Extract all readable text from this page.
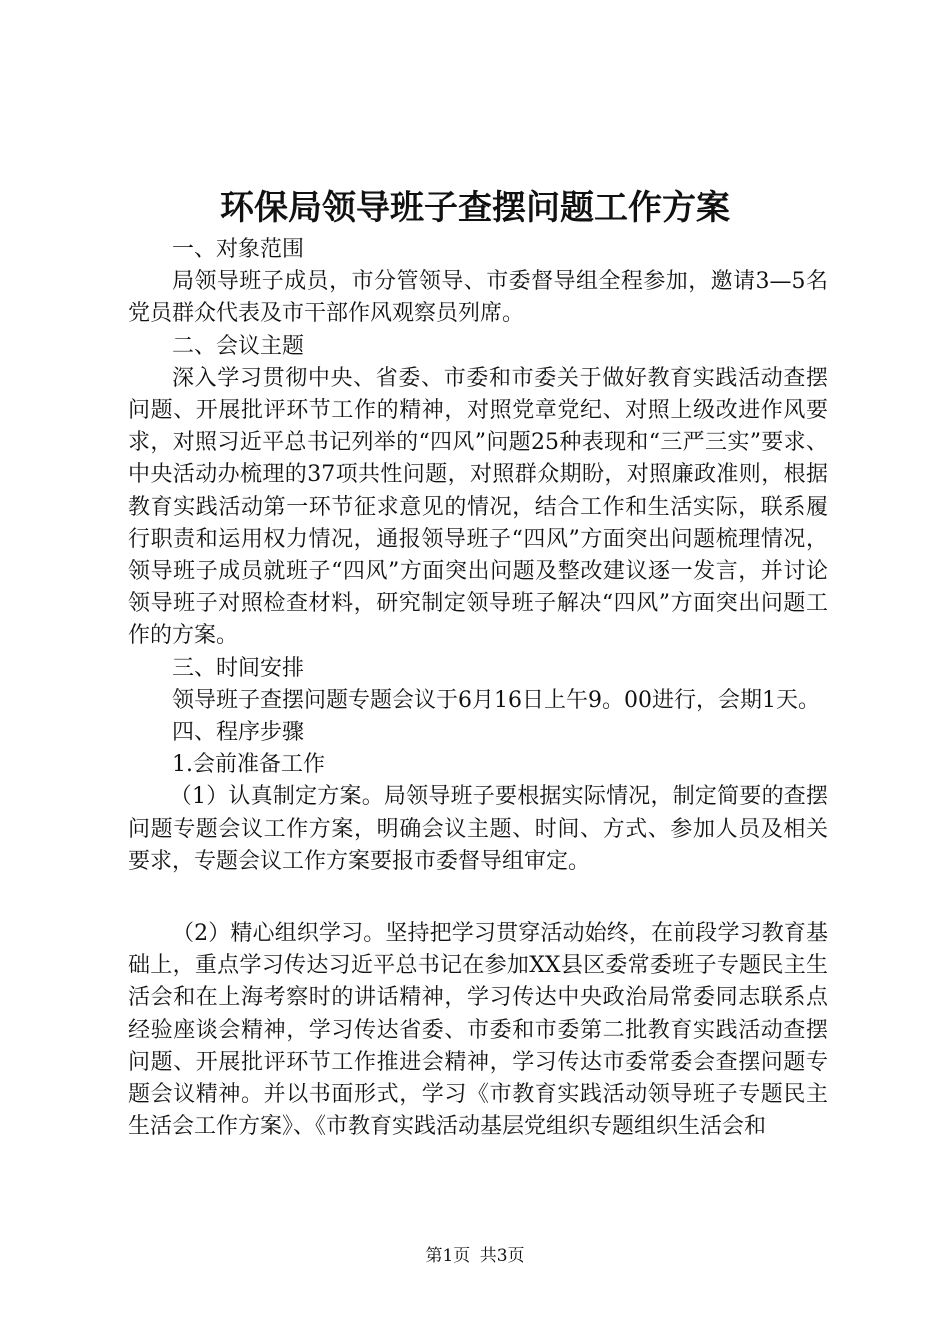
环保局领导班子查摆问题工作方案

一、对象范围

局领导班子成员，市分管领导、市委督导组全程参加，邀请3—5名党员群众代表及市干部作风观察员列席。

二、会议主题

深入学习贯彻中央、省委、市委和市委关于做好教育实践活动查摆问题、开展批评环节工作的精神，对照党章党纪、对照上级改进作风要求，对照习近平总书记列举的“四风”问题25种表现和“三严三实”要求、中央活动办梳理的37项共性问题，对照群众期盼，对照廉政准则，根据教育实践活动第一环节征求意见的情况，结合工作和生活实际，联系履行职责和运用权力情况，通报领导班子“四风”方面突出问题梳理情况，领导班子成员就班子“四风”方面突出问题及整改建议逐一发言，并讨论领导班子对照检查材料，研究制定领导班子解决“四风”方面突出问题工作的方案。

三、时间安排

领导班子查摆问题专题会议于6月16日上午9。00进行，会期1天。

四、程序步骤

1.会前准备工作

（1）认真制定方案。局领导班子要根据实际情况，制定简要的查摆问题专题会议工作方案，明确会议主题、时间、方式、参加人员及相关要求，专题会议工作方案要报市委督导组审定。

（2）精心组织学习。坚持把学习贯穿活动始终，在前段学习教育基础上，重点学习传达习近平总书记在参加XX县区委常委班子专题民主生活会和在上海考察时的讲话精神，学习传达中央政治局常委同志联系点经验座谈会精神，学习传达省委、市委和市委第二批教育实践活动查摆问题、开展批评环节工作推进会精神，学习传达市委常委会查摆问题专题会议精神。并以书面形式，学习《市教育实践活动领导班子专题民主生活会工作方案》、《市教育实践活动基层党组织专题组织生活会和

第1页 共3页
